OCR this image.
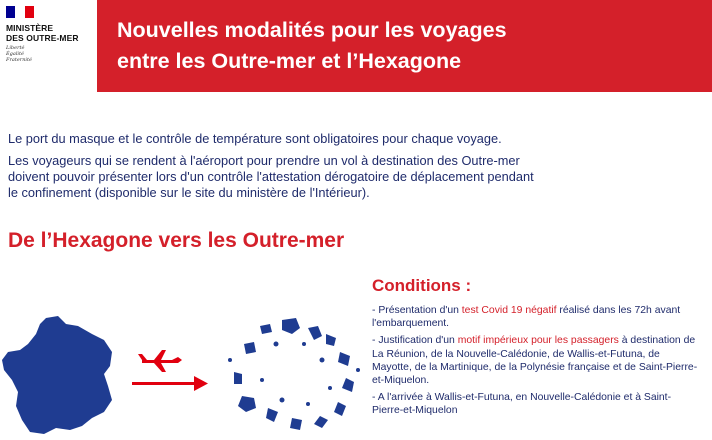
MINISTÈRE
DES OUTRE-MER
Liberté
Égalité
Fraternité
Nouvelles modalités pour les voyages
entre les Outre-mer et l’Hexagone
Le port du masque et le contrôle de température sont obligatoires pour chaque voyage.
Les voyageurs qui se rendent à l'aéroport pour prendre un vol à destination des Outre-mer
doivent pouvoir présenter lors d'un contrôle l'attestation dérogatoire de déplacement pendant
le confinement (disponible sur le site du ministère de l'Intérieur).
De l’Hexagone vers les Outre-mer
Conditions :
- Présentation d'un test Covid 19 négatif réalisé dans les 72h avant l'embarquement.
- Justification d'un motif impérieux pour les passagers à destination de La Réunion, de la Nouvelle-Calédonie, de Wallis-et-Futuna, de Mayotte, de la Martinique, de la Polynésie française et de Saint-Pierre-et-Miquelon.
- A l'arrivée à Wallis-et-Futuna, en Nouvelle-Calédonie et à Saint-Pierre-et-Miquelon
